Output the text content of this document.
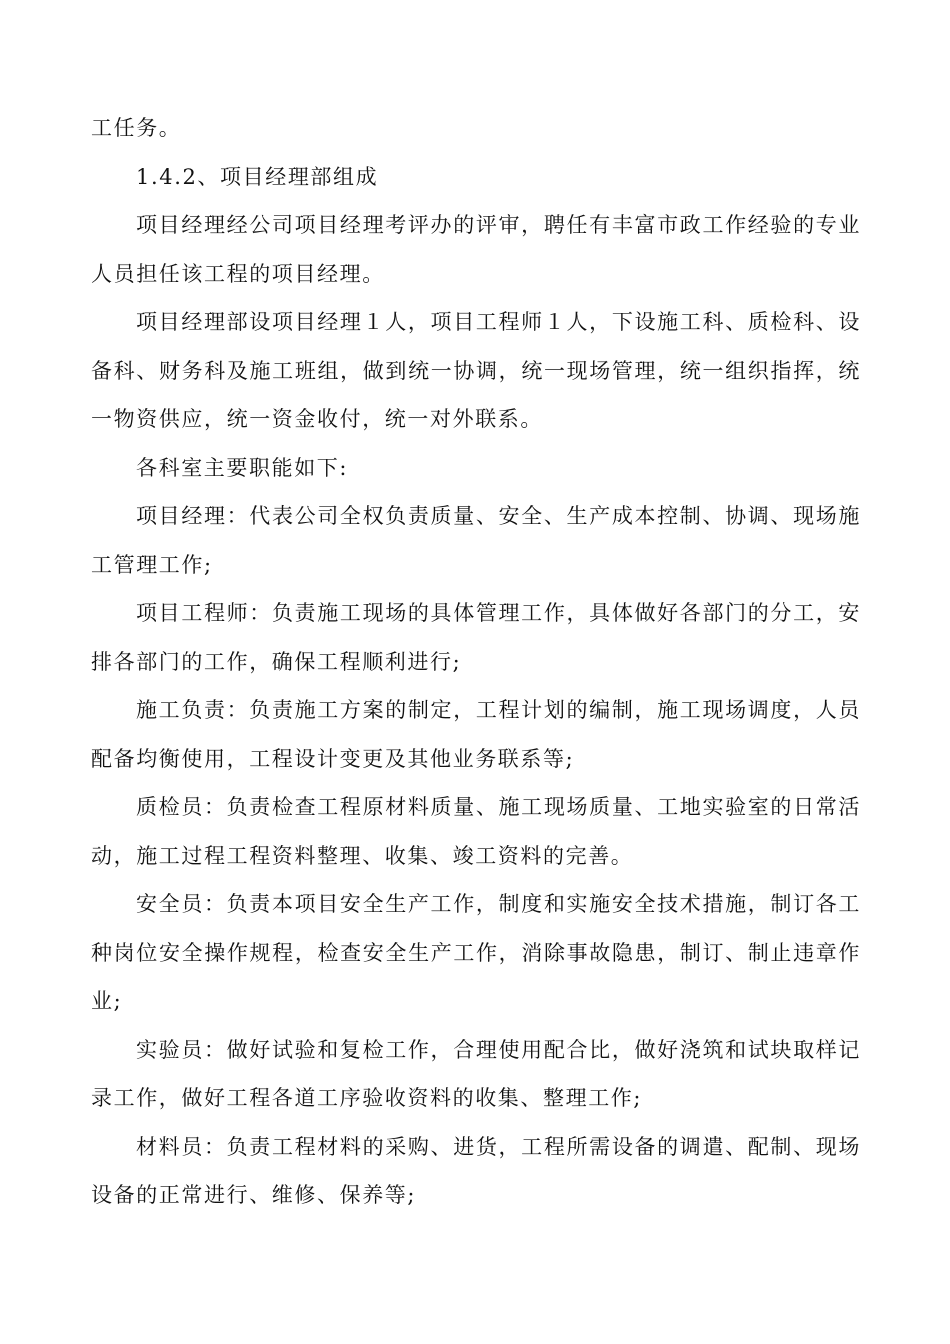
工任务。

1.4.2、项目经理部组成

项目经理经公司项目经理考评办的评审，聘任有丰富市政工作经验的专业人员担任该工程的项目经理。

项目经理部设项目经理１人，项目工程师１人，下设施工科、质检科、设备科、财务科及施工班组，做到统一协调，统一现场管理，统一组织指挥，统一物资供应，统一资金收付，统一对外联系。

各科室主要职能如下:

项目经理：代表公司全权负责质量、安全、生产成本控制、协调、现场施工管理工作;

项目工程师：负责施工现场的具体管理工作，具体做好各部门的分工，安排各部门的工作，确保工程顺利进行;

施工负责：负责施工方案的制定，工程计划的编制，施工现场调度，人员配备均衡使用，工程设计变更及其他业务联系等;

质检员：负责检查工程原材料质量、施工现场质量、工地实验室的日常活动，施工过程工程资料整理、收集、竣工资料的完善。

安全员：负责本项目安全生产工作，制度和实施安全技术措施，制订各工种岗位安全操作规程，检查安全生产工作，消除事故隐患，制订、制止违章作业;

实验员：做好试验和复检工作，合理使用配合比，做好浇筑和试块取样记录工作，做好工程各道工序验收资料的收集、整理工作;

材料员：负责工程材料的采购、进货，工程所需设备的调遣、配制、现场设备的正常进行、维修、保养等;
